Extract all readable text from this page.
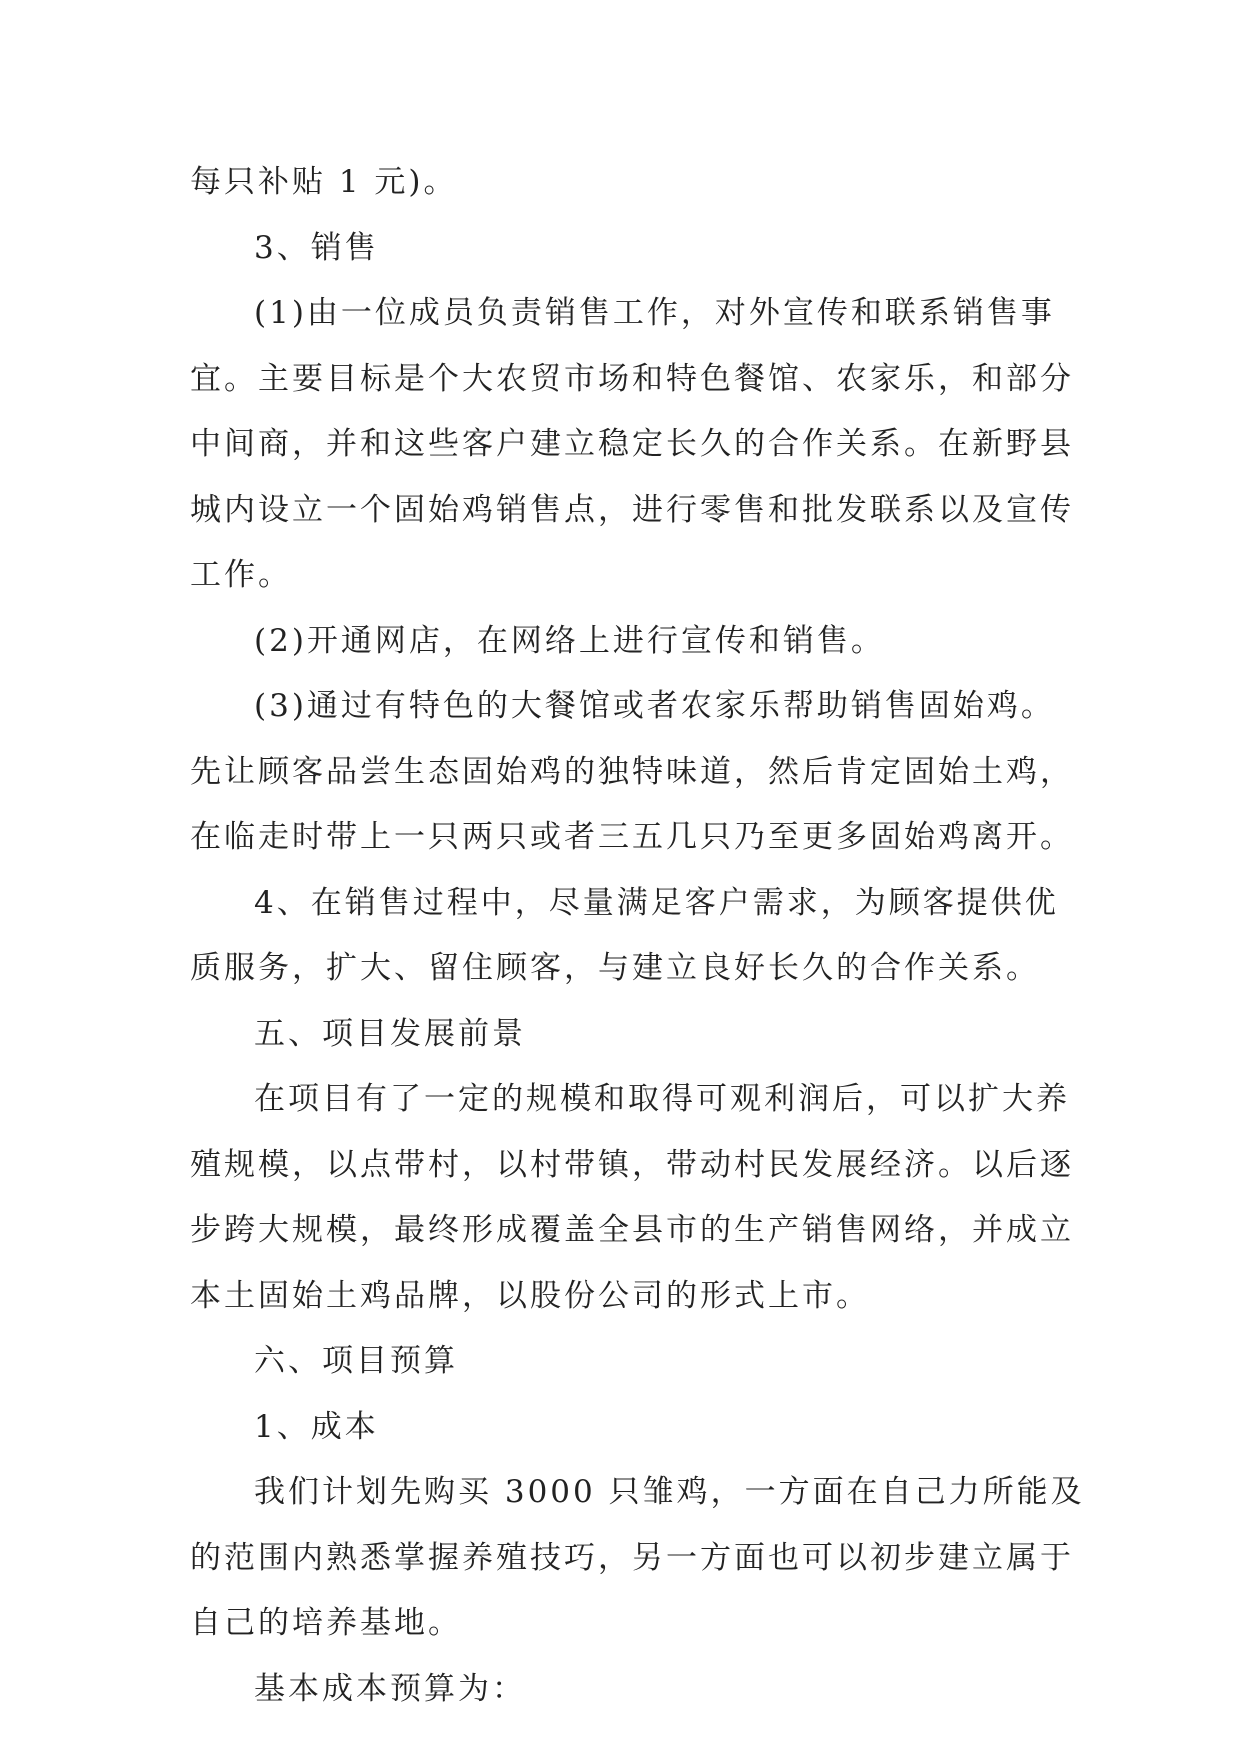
每只补贴 1 元)。

3、销售

(1)由一位成员负责销售工作，对外宣传和联系销售事

宜。主要目标是个大农贸市场和特色餐馆、农家乐，和部分

中间商，并和这些客户建立稳定长久的合作关系。在新野县

城内设立一个固始鸡销售点，进行零售和批发联系以及宣传

工作。

(2)开通网店，在网络上进行宣传和销售。

(3)通过有特色的大餐馆或者农家乐帮助销售固始鸡。

先让顾客品尝生态固始鸡的独特味道，然后肯定固始土鸡，

在临走时带上一只两只或者三五几只乃至更多固始鸡离开。

4、在销售过程中，尽量满足客户需求，为顾客提供优

质服务，扩大、留住顾客，与建立良好长久的合作关系。

五、项目发展前景

在项目有了一定的规模和取得可观利润后，可以扩大养

殖规模，以点带村，以村带镇，带动村民发展经济。以后逐

步跨大规模，最终形成覆盖全县市的生产销售网络，并成立

本土固始土鸡品牌，以股份公司的形式上市。

六、项目预算

1、成本

我们计划先购买 3000 只雏鸡，一方面在自己力所能及

的范围内熟悉掌握养殖技巧，另一方面也可以初步建立属于

自己的培养基地。

基本成本预算为：
